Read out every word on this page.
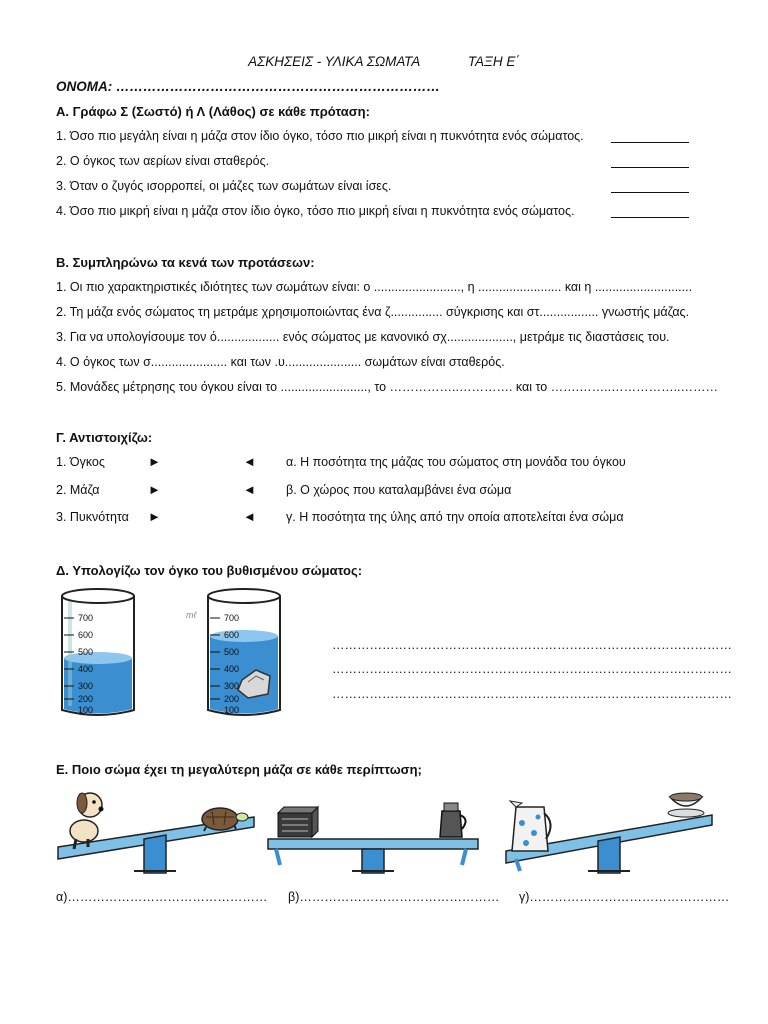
ΑΣΚΗΣΕΙΣ - ΥΛΙΚΑ ΣΩΜΑΤΑ	ΤΑΞΗ Ε΄
ΟΝΟΜΑ: ………………………………………………………………
Α. Γράφω Σ (Σωστό) ή Λ (Λάθος) σε κάθε πρόταση:
1. Όσο πιο μεγάλη είναι η μάζα στον ίδιο όγκο, τόσο πιο μικρή είναι η πυκνότητα ενός σώματος.
2. Ο όγκος των αερίων είναι σταθερός.
3. Όταν ο ζυγός ισορροπεί, οι μάζες των σωμάτων είναι ίσες.
4. Όσο πιο μικρή είναι η μάζα στον ίδιο όγκο, τόσο πιο μικρή είναι η πυκνότητα ενός σώματος.
Β. Συμπληρώνω τα κενά των προτάσεων:
1. Οι πιο χαρακτηριστικές ιδιότητες των σωμάτων είναι: ο ........................., η ........................ και η ............................
2. Τη μάζα ενός σώματος τη μετράμε χρησιμοποιώντας ένα ζ............... σύγκρισης και στ................. γνωστής μάζας.
3. Για να υπολογίσουμε τον ό.................. ενός σώματος με κανονικό σχ..................., μετράμε τις διαστάσεις του.
4. Ο όγκος των σ...................... και των .υ...................... σωμάτων είναι σταθερός.
5. Μονάδες μέτρησης του όγκου είναι το ........................., το ……………..…………. και το …….……..……………..………
Γ. Αντιστοιχίζω:
1. Όγκος
2. Μάζα
3. Πυκνότητα
►
►
►
◄
◄
◄
α. Η ποσότητα της μάζας του σώματος στη μονάδα του όγκου
β. Ο χώρος που καταλαμβάνει ένα σώμα
γ. Η ποσότητα της ύλης από την οποία αποτελείται ένα σώμα
Δ. Υπολογίζω τον όγκο του βυθισμένου σώματος:
700
600
500
400
300
200
100
mℓ	700
600
500
400
300
200
100
……………………………………………………………………………………
……………………………………………………………………………………
……………………………………………………………………………………
Ε. Ποιο σώμα έχει τη μεγαλύτερη μάζα σε κάθε περίπτωση;
α)………………………………………… β)………………………………………… γ)…………………………………………
